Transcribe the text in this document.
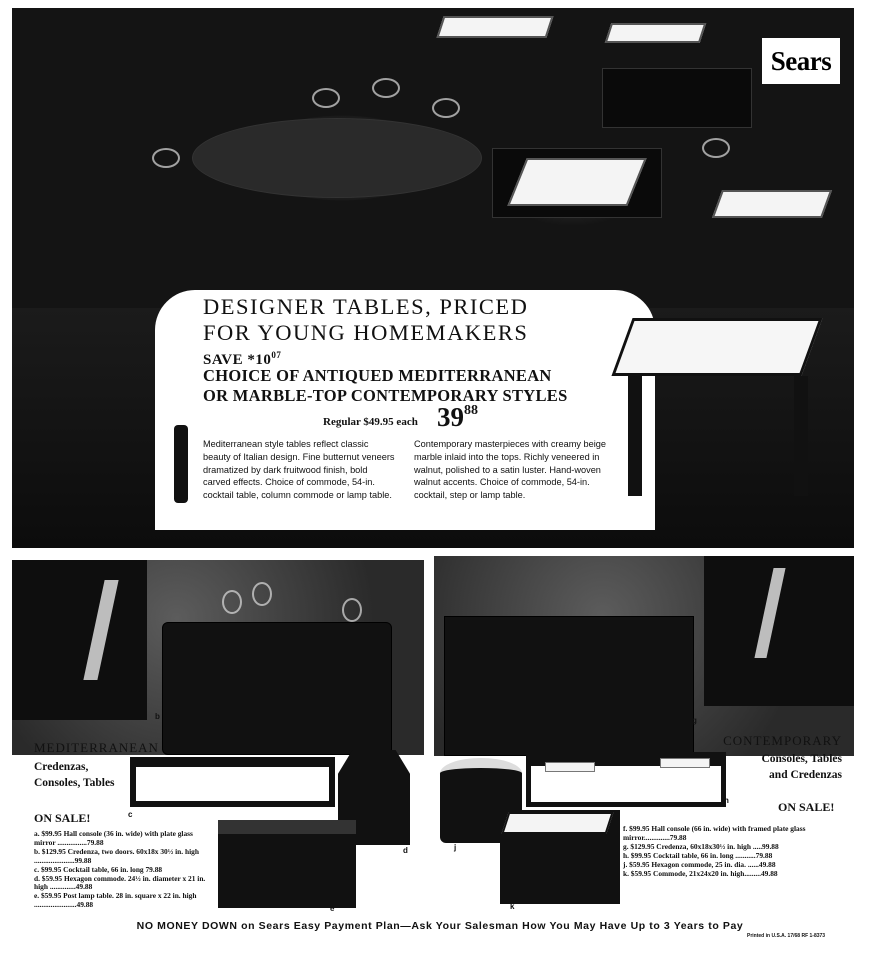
Sears
DESIGNER TABLES, PRICED
FOR YOUNG HOMEMAKERS
SAVE $*10^{07}$
CHOICE OF ANTIQUED MEDITERRANEAN
OR MARBLE-TOP CONTEMPORARY STYLES
Regular $49.95 each $39^{88}$
Mediterranean style tables reflect classic beauty of Italian design. Fine butternut veneers dramatized by dark fruitwood finish, bold carved effects. Choice of commode, 54-in. cocktail table, column commode or lamp table.
Contemporary masterpieces with creamy beige marble inlaid into the tops. Richly veneered in walnut, polished to a satin luster. Hand-woven walnut accents. Choice of commode, 54-in. cocktail, step or lamp table.
b	g
MEDITERRANEAN
Credenzas,
Consoles, Tables
CONTEMPORARY
Consoles, Tables
and Credenzas
c
d
e
j
h
k
ON SALE!
a. $99.95 Hall console (36 in. wide) with plate glass mirror ................79.88
b. $129.95 Credenza, two doors. 60x18x 30½ in. high ......................99.88
c. $99.95 Cocktail table, 66 in. long 79.88
d. $59.95 Hexagon commode. 24½ in. diameter x 21 in. high ..............49.88
e. $59.95 Post lamp table. 28 in. square x 22 in. high .......................49.88
ON SALE!
f. $99.95 Hall console (66 in. wide) with framed plate glass mirror..............79.88
g. $129.95 Credenza, 60x18x30½ in. high .....99.88
h. $99.95 Cocktail table, 66 in. long ...........79.88
j. $59.95 Hexagon commode, 25 in. dia. ......49.88
k. $59.95 Commode, 21x24x20 in. high.........49.88
NO MONEY DOWN on Sears Easy Payment Plan—Ask Your Salesman How You May Have Up to 3 Years to Pay
Printed in U.S.A. 17/68 RF 1-8373
